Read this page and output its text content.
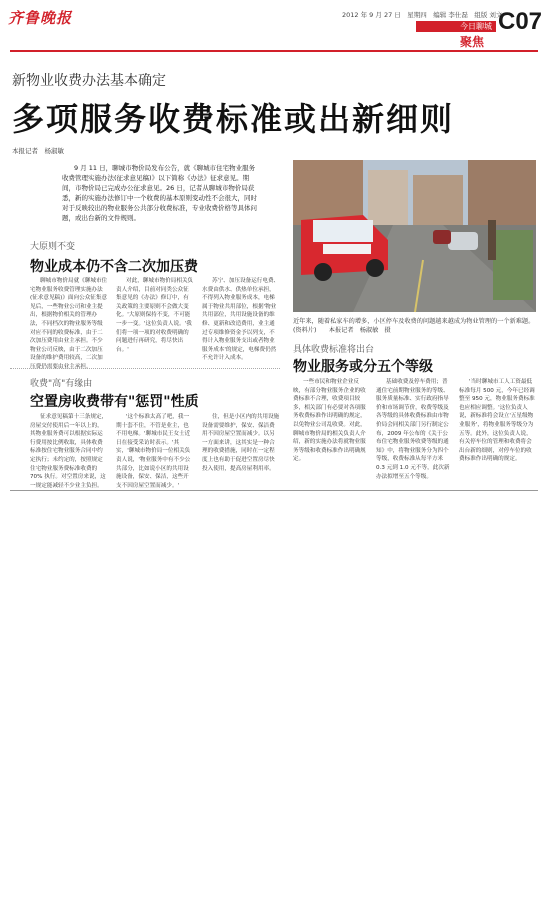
齐鲁晚报	2012 年 9 月 27 日　星期四　编辑 李仕磊　组版 刘文
今日聊城
聚焦
C07
新物业收费办法基本确定
多项服务收费标准或出新细则
本报记者　杨淑敏
9 月 11 日，聊城市物价局发布公告，就《聊城市住宅物业服务收费管理实施办法(征求意见稿)》以下简称《办法》征求意见。期间，市物价局已完成办公征求意见。26 日，记者从聊城市物价局获悉，新的实施办法修订中一个收费的基本原则变动性不会很大，同时对于反映较出的物业服务公共部分收费标准，专业收费价格等具体问题，或出台新的文件规则。
近年来，随着私家车的增多，小区停车及收费的问题越来越成为物业管理的一个新难题。(资料片)　　本报记者　杨淑敏　摄
大原则不变
物业成本仍不含二次加压费
聊城市物价局就《聊城市住宅物业服务收费管理实施办法(征求意见稿)》面向公众征集意见后，一些物业公司和业主提出，根据物价相关的管理办法，不同档次的物业服务等级对应不同的收费标准，由于二次加压费用由业主承担。不少物业公司反映，由于二次加压设备的维护费用较高，二次加压费仍需要由业主承担。
对此，聊城市物价局相关负责人介绍，目前对同类公众征集意见的《办法》修订中，有关政策的主要原则不会做大变化。'大原则保持不变，不可能一步一变。'这位负责人说。'我们将一项一项的对收费明确的问题进行再研究，将尽快出台。'
苏宁、加压设备运行电费、水费由供水、供热单位承担，不得列入物业服务成本，电梯属于物业共用部位，根据'物业共用部位，共用设施设备的维修、更新和改造费用，业主通过专项维修资金予以列支，不得计入物业服务支出或者物业服务成本'的规定，电梯费仍然不允许计入成本。
收费"高"有缘由
空置房收费带有"惩罚"性质
征求意见稿第十三条规定，房屋交付使用后一年以上的，其物业服务费可以根据实际运行费用按比例收取，具体收费标准按住宅物业服务合同中约定执行；未约定的，按照规定住宅物业服务费标准收费的 70% 执行。对空置房来说，这一规定能减轻不少业主负担。
'这个标准太高了吧，我一期十套不住，不管是业主，也不用电梯。'聊城市民王女士近日在接受采访时表示。'其实，'聊城市物价局一位相关负责人说，'物业服务中有不少公共部分，比如说小区的共用设施设备，保安、保洁，这些开支不因房屋空置而减少。'
住，但是小区内的共用设施设备需要维护，保安、保洁费用不因房屋空置而减少。以另一方面来讲，这其实是一种合理的收费措施，同时在一定程度上也有助于促进空置房尽快投入使用，提高房屋利用率。
具体收费标准将出台
物业服务或分五个等级
一些市民和物业企业反映，有部分物业服务企业的收费标准不合理，收费项目较多，相关部门有必要对各项服务收费标准作出明确的规定，以免物业公司乱收费。对此，聊城市物价局的相关负责人介绍，新的实施办法将就物业服务等级和收费标准作出明确规定。
基础收费及停车费用；普通住宅前期物业服务的等级、服务质量标准、实行政府指导价和市场调节价，收费等级及各等级的具体收费标准由市物价局会同相关部门另行制定公布，2009 年公布的《关于公布住宅物业服务收费等级的通知》中，将物业服务分为四个等级，收费标准从每平方米 0.3 元到 1.0 元不等，此次新办法拟增至五个等级。
'当时聊城市工人工资最低标准每月 500 元，今年已经调整至 950 元，物业服务费标准也应相应调整。'这位负责人说，新标准将会设立'五星级物业服务'，将物业服务等级分为五等。此外，这位负责人说，有关停车位的管理和收费将会出台新的细则，对停车位的收费标准作出明确的规定。
